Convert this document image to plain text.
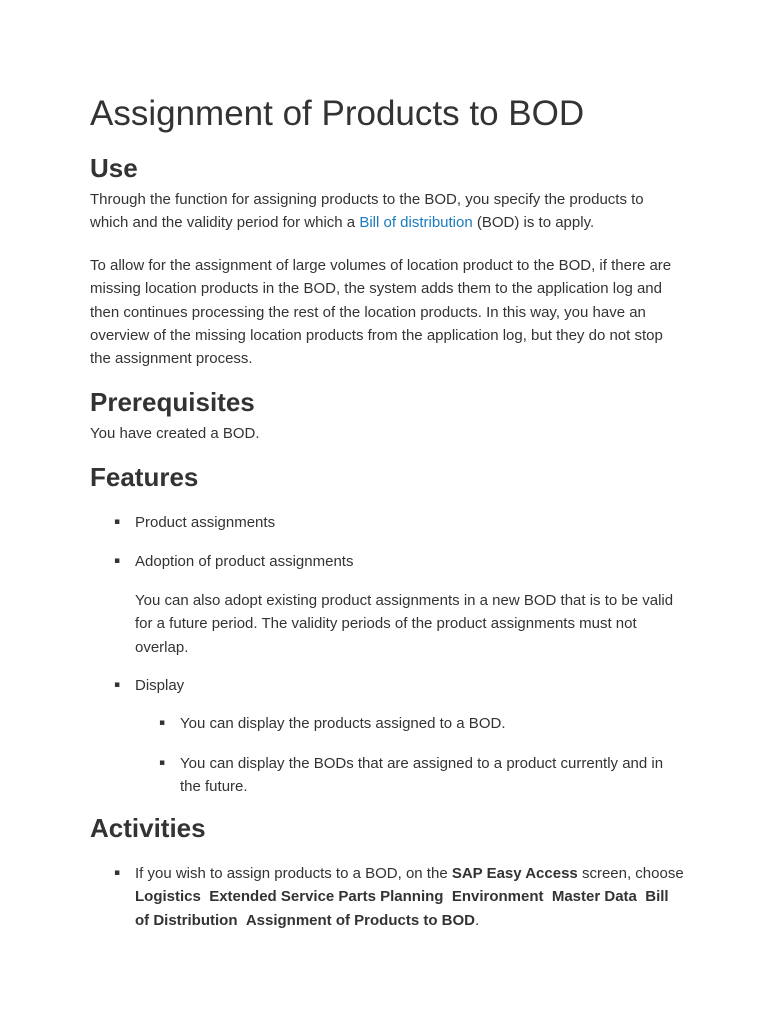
Assignment of Products to BOD
Use

Through the function for assigning products to the BOD, you specify the products to which and the validity period for which a Bill of distribution (BOD) is to apply.

To allow for the assignment of large volumes of location product to the BOD, if there are missing location products in the BOD, the system adds them to the application log and then continues processing the rest of the location products. In this way, you have an overview of the missing location products from the application log, but they do not stop the assignment process.

Prerequisites

You have created a BOD.

Features
▪ Product assignments

▪ Adoption of product assignments

You can also adopt existing product assignments in a new BOD that is to be valid for a future period. The validity periods of the product assignments must not overlap.

▪ Display

▪ You can display the products assigned to a BOD.

▪ You can display the BODs that are assigned to a product currently and in the future.

Activities
▪ If you wish to assign products to a BOD, on the SAP Easy Access screen, choose Logistics Extended Service Parts Planning Environment Master Data Bill of Distribution Assignment of Products to BOD.
